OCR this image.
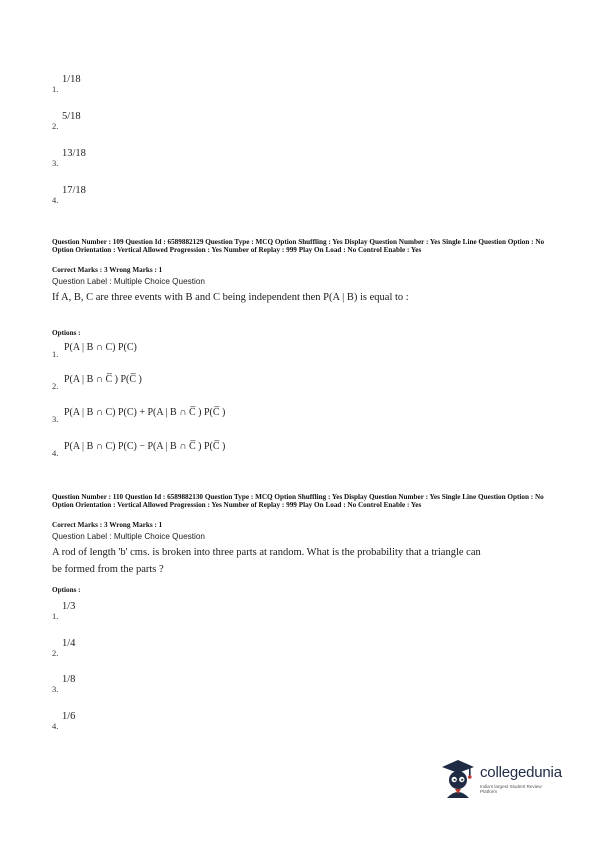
1.
1/18
2.
5/18
3.
13/18
4.
17/18
Question Number : 109 Question Id : 6589882129 Question Type : MCQ Option Shuffling : Yes Display Question Number : Yes Single Line Question Option : No Option Orientation : Vertical Allowed Progression : Yes Number of Replay : 999 Play On Load : No Control Enable : Yes
Correct Marks : 3 Wrong Marks : 1
Question Label : Multiple Choice Question
If A, B, C are three events with B and C being independent then P(A | B) is equal to :
Options :
1.
P(A | B ∩ C) P(C)
2.
P(A | B ∩ C̅ ) P(C̅ )
3.
P(A | B ∩ C) P(C) + P(A | B ∩ C̅ ) P(C̅ )
4.
P(A | B ∩ C) P(C) − P(A | B ∩ C̅ ) P(C̅ )
Question Number : 110 Question Id : 6589882130 Question Type : MCQ Option Shuffling : Yes Display Question Number : Yes Single Line Question Option : No Option Orientation : Vertical Allowed Progression : Yes Number of Replay : 999 Play On Load : No Control Enable : Yes
Correct Marks : 3 Wrong Marks : 1
Question Label : Multiple Choice Question
A rod of length 'b' cms. is broken into three parts at random. What is the probability that a triangle can be formed from the parts ?
Options :
1.
1/3
2.
1/4
3.
1/8
4.
1/6
collegedunia
India's largest Student Review Platform
